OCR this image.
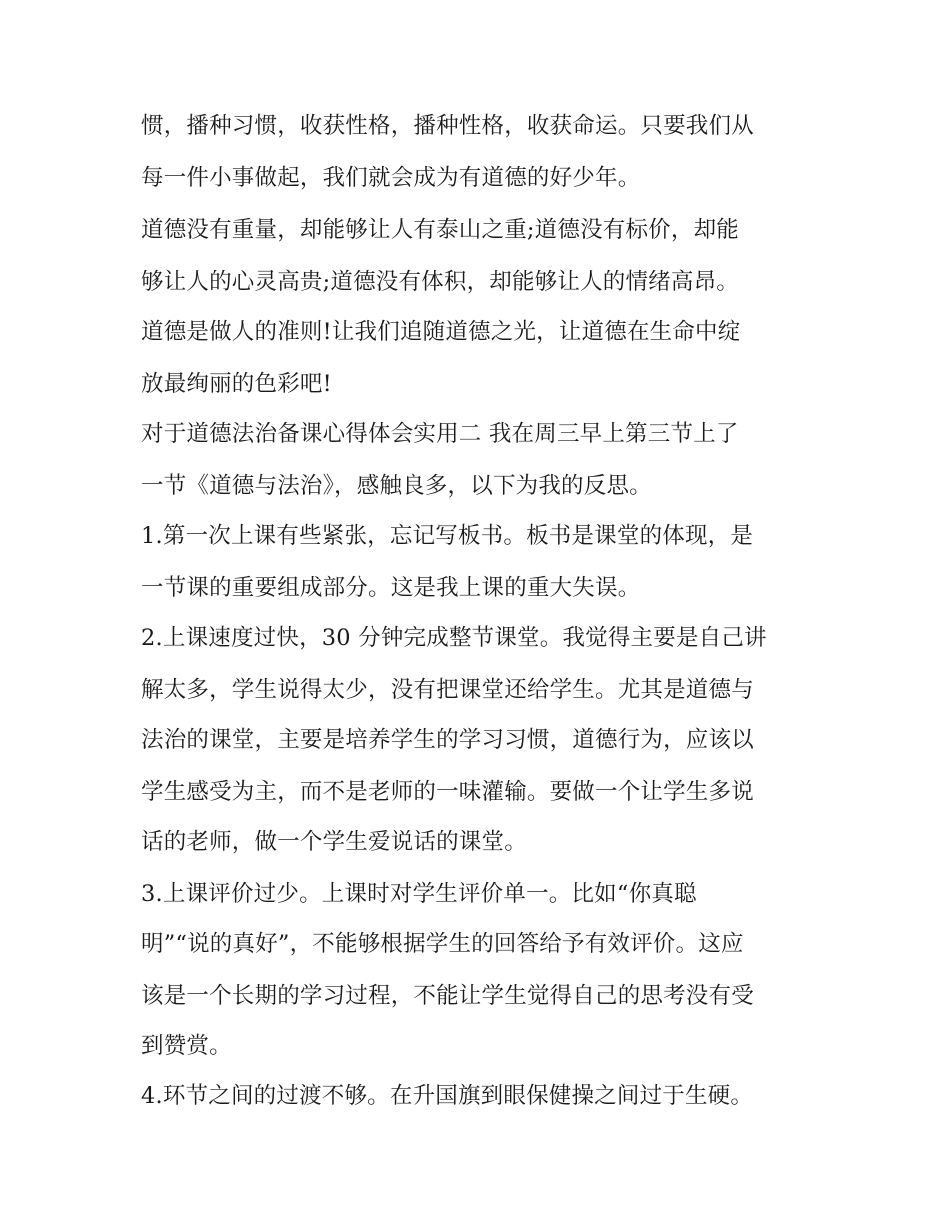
惯，播种习惯，收获性格，播种性格，收获命运。只要我们从
每一件小事做起，我们就会成为有道德的好少年。
道德没有重量，却能够让人有泰山之重;道德没有标价，却能
够让人的心灵高贵;道德没有体积，却能够让人的情绪高昂。
道德是做人的准则!让我们追随道德之光，让道德在生命中绽
放最绚丽的色彩吧!
对于道德法治备课心得体会实用二 我在周三早上第三节上了
一节《道德与法治》，感触良多，以下为我的反思。
1.第一次上课有些紧张，忘记写板书。板书是课堂的体现，是
一节课的重要组成部分。这是我上课的重大失误。
2.上课速度过快，30 分钟完成整节课堂。我觉得主要是自己讲
解太多，学生说得太少，没有把课堂还给学生。尤其是道德与
法治的课堂，主要是培养学生的学习习惯，道德行为，应该以
学生感受为主，而不是老师的一味灌输。要做一个让学生多说
话的老师，做一个学生爱说话的课堂。
3.上课评价过少。上课时对学生评价单一。比如“你真聪
明”“说的真好”，不能够根据学生的回答给予有效评价。这应
该是一个长期的学习过程，不能让学生觉得自己的思考没有受
到赞赏。
4.环节之间的过渡不够。在升国旗到眼保健操之间过于生硬。
